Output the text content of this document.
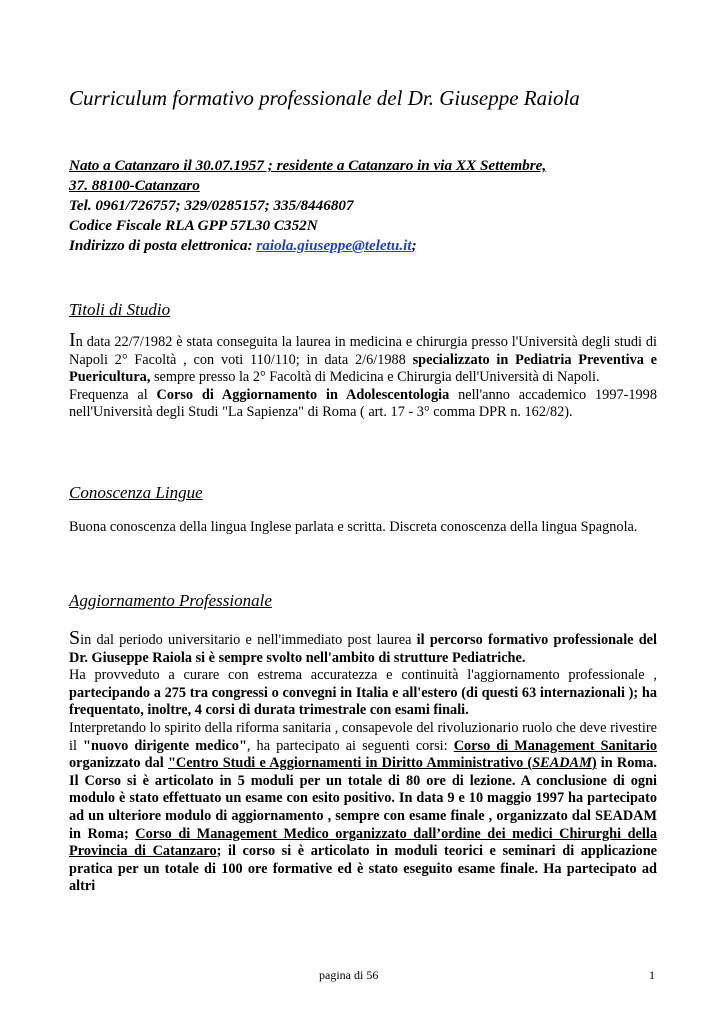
Curriculum formativo professionale del Dr. Giuseppe Raiola
Nato a Catanzaro il 30.07.1957 ; residente a Catanzaro in via XX Settembre,
37. 88100-Catanzaro
Tel. 0961/726757; 329/0285157; 335/8446807
Codice Fiscale RLA GPP 57L30 C352N
Indirizzo di posta elettronica: raiola.giuseppe@teletu.it;
Titoli di Studio

In data 22/7/1982 è stata conseguita la laurea in medicina e chirurgia presso l'Università degli studi di Napoli 2° Facoltà , con voti 110/110; in data 2/6/1988 specializzato in Pediatria Preventiva e Puericultura, sempre presso la 2° Facoltà di Medicina e Chirurgia dell'Università di Napoli.

Frequenza al Corso di Aggiornamento in Adolescentologia nell'anno accademico 1997-1998 nell'Università degli Studi "La Sapienza" di Roma ( art. 17 - 3° comma DPR n. 162/82).

Conoscenza Lingue

Buona conoscenza della lingua Inglese parlata e scritta. Discreta conoscenza della lingua Spagnola.

Aggiornamento Professionale

Sin dal periodo universitario e nell'immediato post laurea il percorso formativo professionale del Dr. Giuseppe Raiola si è sempre svolto nell'ambito di strutture Pediatriche.

Ha provveduto a curare con estrema accuratezza e continuità l'aggiornamento professionale , partecipando a 275 tra congressi o convegni in Italia e all'estero (di questi 63 internazionali ); ha frequentato, inoltre, 4 corsi di durata trimestrale con esami finali.

Interpretando lo spirito della riforma sanitaria , consapevole del rivoluzionario ruolo che deve rivestire il "nuovo dirigente medico", ha partecipato ai seguenti corsi: Corso di Management Sanitario organizzato dal "Centro Studi e Aggiornamenti in Diritto Amministrativo (SEADAM) in Roma. Il Corso si è articolato in 5 moduli per un totale di 80 ore di lezione. A conclusione di ogni modulo è stato effettuato un esame con esito positivo. In data 9 e 10 maggio 1997 ha partecipato ad un ulteriore modulo di aggiornamento , sempre con esame finale , organizzato dal SEADAM in Roma; Corso di Management Medico organizzato dall’ordine dei medici Chirurghi della Provincia di Catanzaro; il corso si è articolato in moduli teorici e seminari di applicazione pratica per un totale di 100 ore formative ed è stato eseguito esame finale. Ha partecipato ad altri

pagina di 56	1
